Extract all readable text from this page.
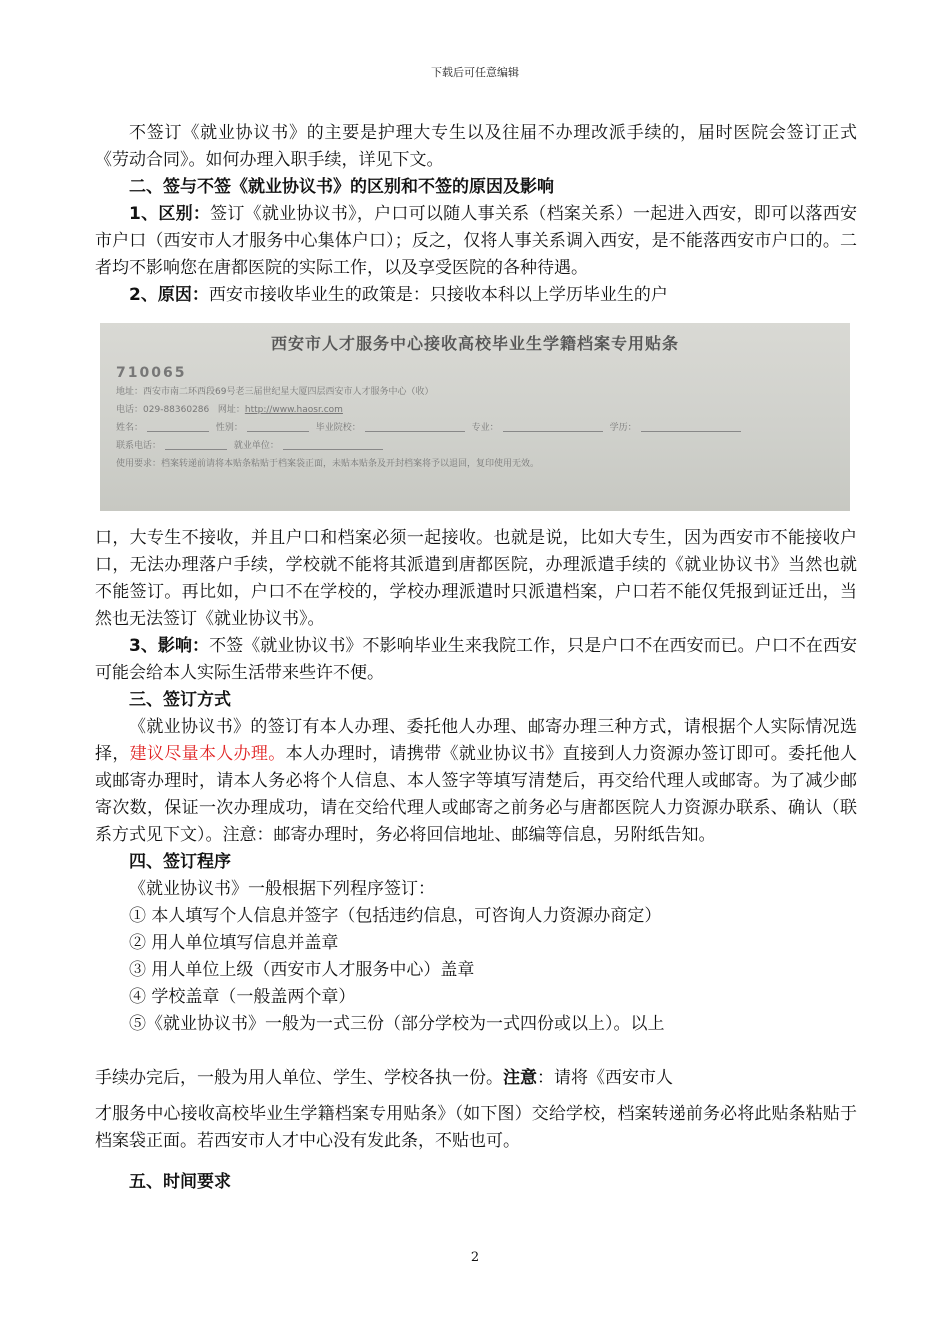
下载后可任意编辑

不签订《就业协议书》的主要是护理大专生以及往届不办理改派手续的，届时医院会签订正式《劳动合同》。如何办理入职手续，详见下文。

二、签与不签《就业协议书》的区别和不签的原因及影响

1、区别：签订《就业协议书》，户口可以随人事关系（档案关系）一起进入西安，即可以落西安市户口（西安市人才服务中心集体户口）；反之，仅将人事关系调入西安，是不能落西安市户口的。二者均不影响您在唐都医院的实际工作，以及享受医院的各种待遇。

2、原因：西安市接收毕业生的政策是：只接收本科以上学历毕业生的户

西安市人才服务中心接收高校毕业生学籍档案专用贴条
710065
地址：西安市南二环西段69号老三届世纪星大厦四层西安市人才服务中心（收）
电话：029-88360286 网址：http://www.haosr.com
姓名：	性别：	毕业院校：	专业：	学历：
联系电话：	就业单位：
使用要求：档案转递前请将本贴条粘贴于档案袋正面，未贴本贴条及开封档案将予以退回，复印使用无效。

口，大专生不接收，并且户口和档案必须一起接收。也就是说，比如大专生，因为西安市不能接收户口，无法办理落户手续，学校就不能将其派遣到唐都医院，办理派遣手续的《就业协议书》当然也就不能签订。再比如，户口不在学校的，学校办理派遣时只派遣档案，户口若不能仅凭报到证迁出，当然也无法签订《就业协议书》。

3、影响：不签《就业协议书》不影响毕业生来我院工作，只是户口不在西安而已。户口不在西安可能会给本人实际生活带来些许不便。

三、签订方式

《就业协议书》的签订有本人办理、委托他人办理、邮寄办理三种方式，请根据个人实际情况选择，建议尽量本人办理。本人办理时，请携带《就业协议书》直接到人力资源办签订即可。委托他人或邮寄办理时，请本人务必将个人信息、本人签字等填写清楚后，再交给代理人或邮寄。为了减少邮寄次数，保证一次办理成功，请在交给代理人或邮寄之前务必与唐都医院人力资源办联系、确认（联系方式见下文）。注意：邮寄办理时，务必将回信地址、邮编等信息，另附纸告知。

四、签订程序

《就业协议书》一般根据下列程序签订：

① 本人填写个人信息并签字（包括违约信息，可咨询人力资源办商定）

② 用人单位填写信息并盖章

③ 用人单位上级（西安市人才服务中心）盖章

④ 学校盖章（一般盖两个章）

⑤《就业协议书》一般为一式三份（部分学校为一式四份或以上）。以上

手续办完后，一般为用人单位、学生、学校各执一份。注意：请将《西安市人

才服务中心接收高校毕业生学籍档案专用贴条》（如下图）交给学校，档案转递前务必将此贴条粘贴于档案袋正面。若西安市人才中心没有发此条，不贴也可。

五、时间要求

2
